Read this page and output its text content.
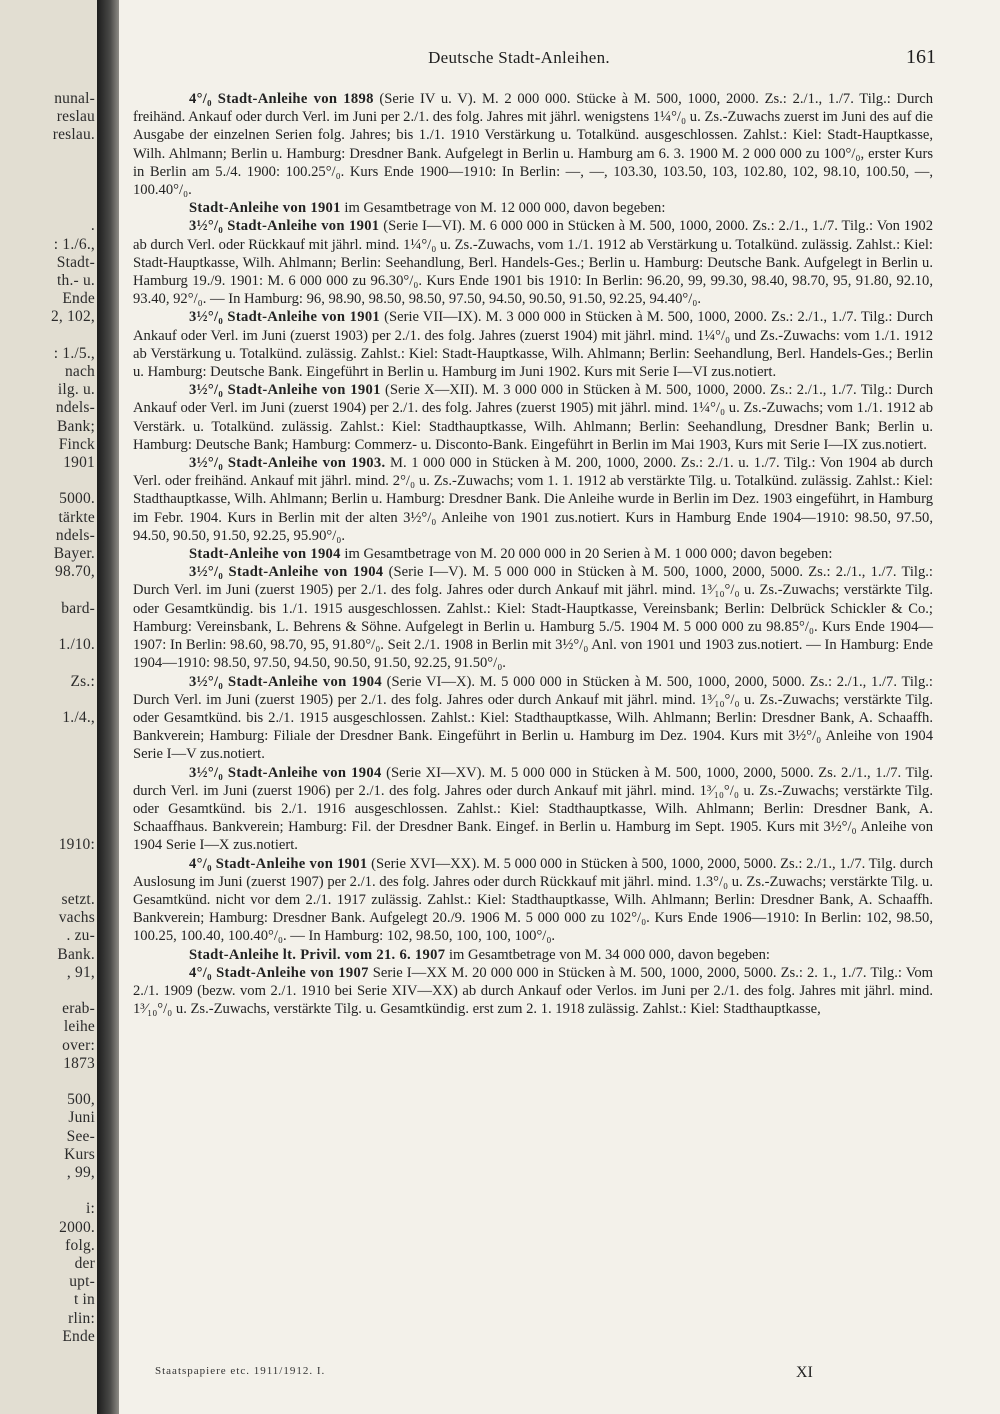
nunal-
reslau
reslau.

.
: 1./6.,
Stadt-
th.- u.
Ende
2, 102,

: 1./5.,
nach
ilg. u.
ndels-
Bank;
Finck
1901

5000.
tärkte
ndels-
Bayer.
98.70,

bard-

1./10.

Zs.:

1./4.,

1910:

setzt.
vachs
. zu-
Bank.
, 91,

erab-
leihe
over:
1873

500,
Juni
See-
Kurs
, 99,

i:
2000.
folg.
der
upt-
t in
rlin:
Ende
Deutsche Stadt-Anleihen.	161

4°/₀ Stadt-Anleihe von 1898 (Serie IV u. V). M. 2 000 000. Stücke à M. 500, 1000, 2000. Zs.: 2./1., 1./7. Tilg.: Durch freihänd. Ankauf oder durch Verl. im Juni per 2./1. des folg. Jahres mit jährl. wenigstens 1¼°/₀ u. Zs.-Zuwachs zuerst im Juni des auf die Ausgabe der einzelnen Serien folg. Jahres; bis 1./1. 1910 Verstärkung u. Totalkünd. ausgeschlossen. Zahlst.: Kiel: Stadt-Hauptkasse, Wilh. Ahlmann; Berlin u. Hamburg: Dresdner Bank. Aufgelegt in Berlin u. Hamburg am 6. 3. 1900 M. 2 000 000 zu 100°/₀, erster Kurs in Berlin am 5./4. 1900: 100.25°/₀. Kurs Ende 1900—1910: In Berlin: —, —, 103.30, 103.50, 103, 102.80, 102, 98.10, 100.50, —, 100.40°/₀.

Stadt-Anleihe von 1901 im Gesamtbetrage von M. 12 000 000, davon begeben:

3½°/₀ Stadt-Anleihe von 1901 (Serie I—VI). M. 6 000 000 in Stücken à M. 500, 1000, 2000. Zs.: 2./1., 1./7. Tilg.: Von 1902 ab durch Verl. oder Rückkauf mit jährl. mind. 1¼°/₀ u. Zs.-Zuwachs, vom 1./1. 1912 ab Verstärkung u. Totalkünd. zulässig. Zahlst.: Kiel: Stadt-Hauptkasse, Wilh. Ahlmann; Berlin: Seehandlung, Berl. Handels-Ges.; Berlin u. Hamburg: Deutsche Bank. Aufgelegt in Berlin u. Hamburg 19./9. 1901: M. 6 000 000 zu 96.30°/₀. Kurs Ende 1901 bis 1910: In Berlin: 96.20, 99, 99.30, 98.40, 98.70, 95, 91.80, 92.10, 93.40, 92°/₀. — In Hamburg: 96, 98.90, 98.50, 98.50, 97.50, 94.50, 90.50, 91.50, 92.25, 94.40°/₀.

3½°/₀ Stadt-Anleihe von 1901 (Serie VII—IX). M. 3 000 000 in Stücken à M. 500, 1000, 2000. Zs.: 2./1., 1./7. Tilg.: Durch Ankauf oder Verl. im Juni (zuerst 1903) per 2./1. des folg. Jahres (zuerst 1904) mit jährl. mind. 1¼°/₀ und Zs.-Zuwachs: vom 1./1. 1912 ab Verstärkung u. Totalkünd. zulässig. Zahlst.: Kiel: Stadt-Hauptkasse, Wilh. Ahlmann; Berlin: Seehandlung, Berl. Handels-Ges.; Berlin u. Hamburg: Deutsche Bank. Eingeführt in Berlin u. Hamburg im Juni 1902. Kurs mit Serie I—VI zus.notiert.

3½°/₀ Stadt-Anleihe von 1901 (Serie X—XII). M. 3 000 000 in Stücken à M. 500, 1000, 2000. Zs.: 2./1., 1./7. Tilg.: Durch Ankauf oder Verl. im Juni (zuerst 1904) per 2./1. des folg. Jahres (zuerst 1905) mit jährl. mind. 1¼°/₀ u. Zs.-Zuwachs; vom 1./1. 1912 ab Verstärk. u. Totalkünd. zulässig. Zahlst.: Kiel: Stadthauptkasse, Wilh. Ahlmann; Berlin: Seehandlung, Dresdner Bank; Berlin u. Hamburg: Deutsche Bank; Hamburg: Commerz- u. Disconto-Bank. Eingeführt in Berlin im Mai 1903, Kurs mit Serie I—IX zus.notiert.

3½°/₀ Stadt-Anleihe von 1903. M. 1 000 000 in Stücken à M. 200, 1000, 2000. Zs.: 2./1. u. 1./7. Tilg.: Von 1904 ab durch Verl. oder freihänd. Ankauf mit jährl. mind. 2°/₀ u. Zs.-Zuwachs; vom 1. 1. 1912 ab verstärkte Tilg. u. Totalkünd. zulässig. Zahlst.: Kiel: Stadthauptkasse, Wilh. Ahlmann; Berlin u. Hamburg: Dresdner Bank. Die Anleihe wurde in Berlin im Dez. 1903 eingeführt, in Hamburg im Febr. 1904. Kurs in Berlin mit der alten 3½°/₀ Anleihe von 1901 zus.notiert. Kurs in Hamburg Ende 1904—1910: 98.50, 97.50, 94.50, 90.50, 91.50, 92.25, 95.90°/₀.

Stadt-Anleihe von 1904 im Gesamtbetrage von M. 20 000 000 in 20 Serien à M. 1 000 000; davon begeben:

3½°/₀ Stadt-Anleihe von 1904 (Serie I—V). M. 5 000 000 in Stücken à M. 500, 1000, 2000, 5000. Zs.: 2./1., 1./7. Tilg.: Durch Verl. im Juni (zuerst 1905) per 2./1. des folg. Jahres oder durch Ankauf mit jährl. mind. 1³⁄₁₀°/₀ u. Zs.-Zuwachs; verstärkte Tilg. oder Gesamtkündig. bis 1./1. 1915 ausgeschlossen. Zahlst.: Kiel: Stadt-Hauptkasse, Vereinsbank; Berlin: Delbrück Schickler & Co.; Hamburg: Vereinsbank, L. Behrens & Söhne. Aufgelegt in Berlin u. Hamburg 5./5. 1904 M. 5 000 000 zu 98.85°/₀. Kurs Ende 1904—1907: In Berlin: 98.60, 98.70, 95, 91.80°/₀. Seit 2./1. 1908 in Berlin mit 3½°/₀ Anl. von 1901 und 1903 zus.notiert. — In Hamburg: Ende 1904—1910: 98.50, 97.50, 94.50, 90.50, 91.50, 92.25, 91.50°/₀.

3½°/₀ Stadt-Anleihe von 1904 (Serie VI—X). M. 5 000 000 in Stücken à M. 500, 1000, 2000, 5000. Zs.: 2./1., 1./7. Tilg.: Durch Verl. im Juni (zuerst 1905) per 2./1. des folg. Jahres oder durch Ankauf mit jährl. mind. 1³⁄₁₀°/₀ u. Zs.-Zuwachs; verstärkte Tilg. oder Gesamtkünd. bis 2./1. 1915 ausgeschlossen. Zahlst.: Kiel: Stadthauptkasse, Wilh. Ahlmann; Berlin: Dresdner Bank, A. Schaaffh. Bankverein; Hamburg: Filiale der Dresdner Bank. Eingeführt in Berlin u. Hamburg im Dez. 1904. Kurs mit 3½°/₀ Anleihe von 1904 Serie I—V zus.notiert.

3½°/₀ Stadt-Anleihe von 1904 (Serie XI—XV). M. 5 000 000 in Stücken à M. 500, 1000, 2000, 5000. Zs. 2./1., 1./7. Tilg. durch Verl. im Juni (zuerst 1906) per 2./1. des folg. Jahres oder durch Ankauf mit jährl. mind. 1³⁄₁₀°/₀ u. Zs.-Zuwachs; verstärkte Tilg. oder Gesamtkünd. bis 2./1. 1916 ausgeschlossen. Zahlst.: Kiel: Stadthauptkasse, Wilh. Ahlmann; Berlin: Dresdner Bank, A. Schaaffhaus. Bankverein; Hamburg: Fil. der Dresdner Bank. Eingef. in Berlin u. Hamburg im Sept. 1905. Kurs mit 3½°/₀ Anleihe von 1904 Serie I—X zus.notiert.

4°/₀ Stadt-Anleihe von 1901 (Serie XVI—XX). M. 5 000 000 in Stücken à 500, 1000, 2000, 5000. Zs.: 2./1., 1./7. Tilg. durch Auslosung im Juni (zuerst 1907) per 2./1. des folg. Jahres oder durch Rückkauf mit jährl. mind. 1.3°/₀ u. Zs.-Zuwachs; verstärkte Tilg. u. Gesamtkünd. nicht vor dem 2./1. 1917 zulässig. Zahlst.: Kiel: Stadthauptkasse, Wilh. Ahlmann; Berlin: Dresdner Bank, A. Schaaffh. Bankverein; Hamburg: Dresdner Bank. Aufgelegt 20./9. 1906 M. 5 000 000 zu 102°/₀. Kurs Ende 1906—1910: In Berlin: 102, 98.50, 100.25, 100.40, 100.40°/₀. — In Hamburg: 102, 98.50, 100, 100, 100°/₀.

Stadt-Anleihe lt. Privil. vom 21. 6. 1907 im Gesamtbetrage von M. 34 000 000, davon begeben:

4°/₀ Stadt-Anleihe von 1907 Serie I—XX M. 20 000 000 in Stücken à M. 500, 1000, 2000, 5000. Zs.: 2. 1., 1./7. Tilg.: Vom 2./1. 1909 (bezw. vom 2./1. 1910 bei Serie XIV—XX) ab durch Ankauf oder Verlos. im Juni per 2./1. des folg. Jahres mit jährl. mind. 1³⁄₁₀°/₀ u. Zs.-Zuwachs, verstärkte Tilg. u. Gesamtkündig. erst zum 2. 1. 1918 zulässig. Zahlst.: Kiel: Stadthauptkasse,

Staatspapiere etc. 1911/1912. I.	XI
